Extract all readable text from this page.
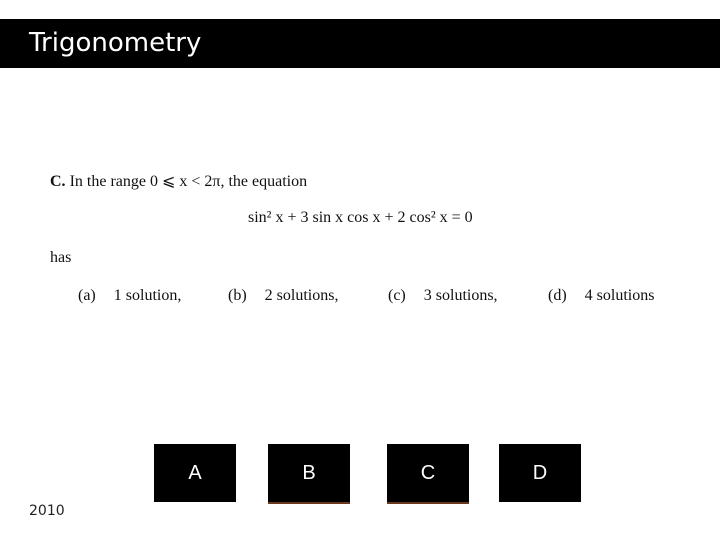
Trigonometry
C. In the range 0 ⩽ x < 2π, the equation
sin² x + 3 sin x cos x + 2 cos² x = 0
has
(a) 1 solution,	(b) 2 solutions,	(c) 3 solutions,	(d) 4 solutions
A	B	C	D
2010
